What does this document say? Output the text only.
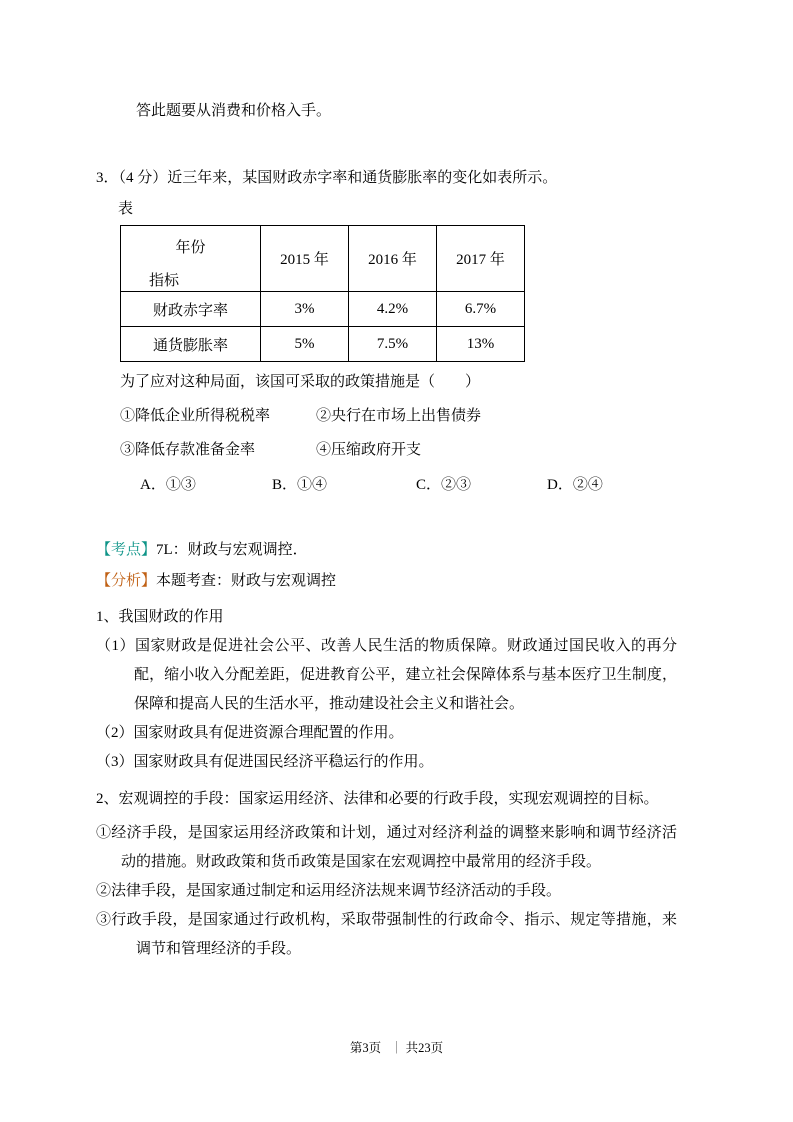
答此题要从消费和价格入手。

3．（4 分）近三年来，某国财政赤字率和通货膨胀率的变化如表所示。

表

年份
指标	2015 年	2016 年	2017 年
财政赤字率	3%	4.2%	6.7%
通货膨胀率	5%	7.5%	13%

为了应对这种局面，该国可采取的政策措施是（　　）

①降低企业所得税税率	②央行在市场上出售债券

③降低存款准备金率	④压缩政府开支

A．①③	B．①④	C．②③	D．②④

【考点】7L：财政与宏观调控．

【分析】本题考查：财政与宏观调控

1、我国财政的作用

（1）国家财政是促进社会公平、改善人民生活的物质保障。财政通过国民收入的再分配，缩小收入分配差距，促进教育公平，建立社会保障体系与基本医疗卫生制度，保障和提高人民的生活水平，推动建设社会主义和谐社会。

（2）国家财政具有促进资源合理配置的作用。

（3）国家财政具有促进国民经济平稳运行的作用。

2、宏观调控的手段：国家运用经济、法律和必要的行政手段，实现宏观调控的目标。

①经济手段，是国家运用经济政策和计划，通过对经济利益的调整来影响和调节经济活动的措施。财政政策和货币政策是国家在宏观调控中最常用的经济手段。

②法律手段，是国家通过制定和运用经济法规来调节经济活动的手段。

③行政手段，是国家通过行政机构，采取带强制性的行政命令、指示、规定等措施，来调节和管理经济的手段。

第3页 ｜ 共23页
